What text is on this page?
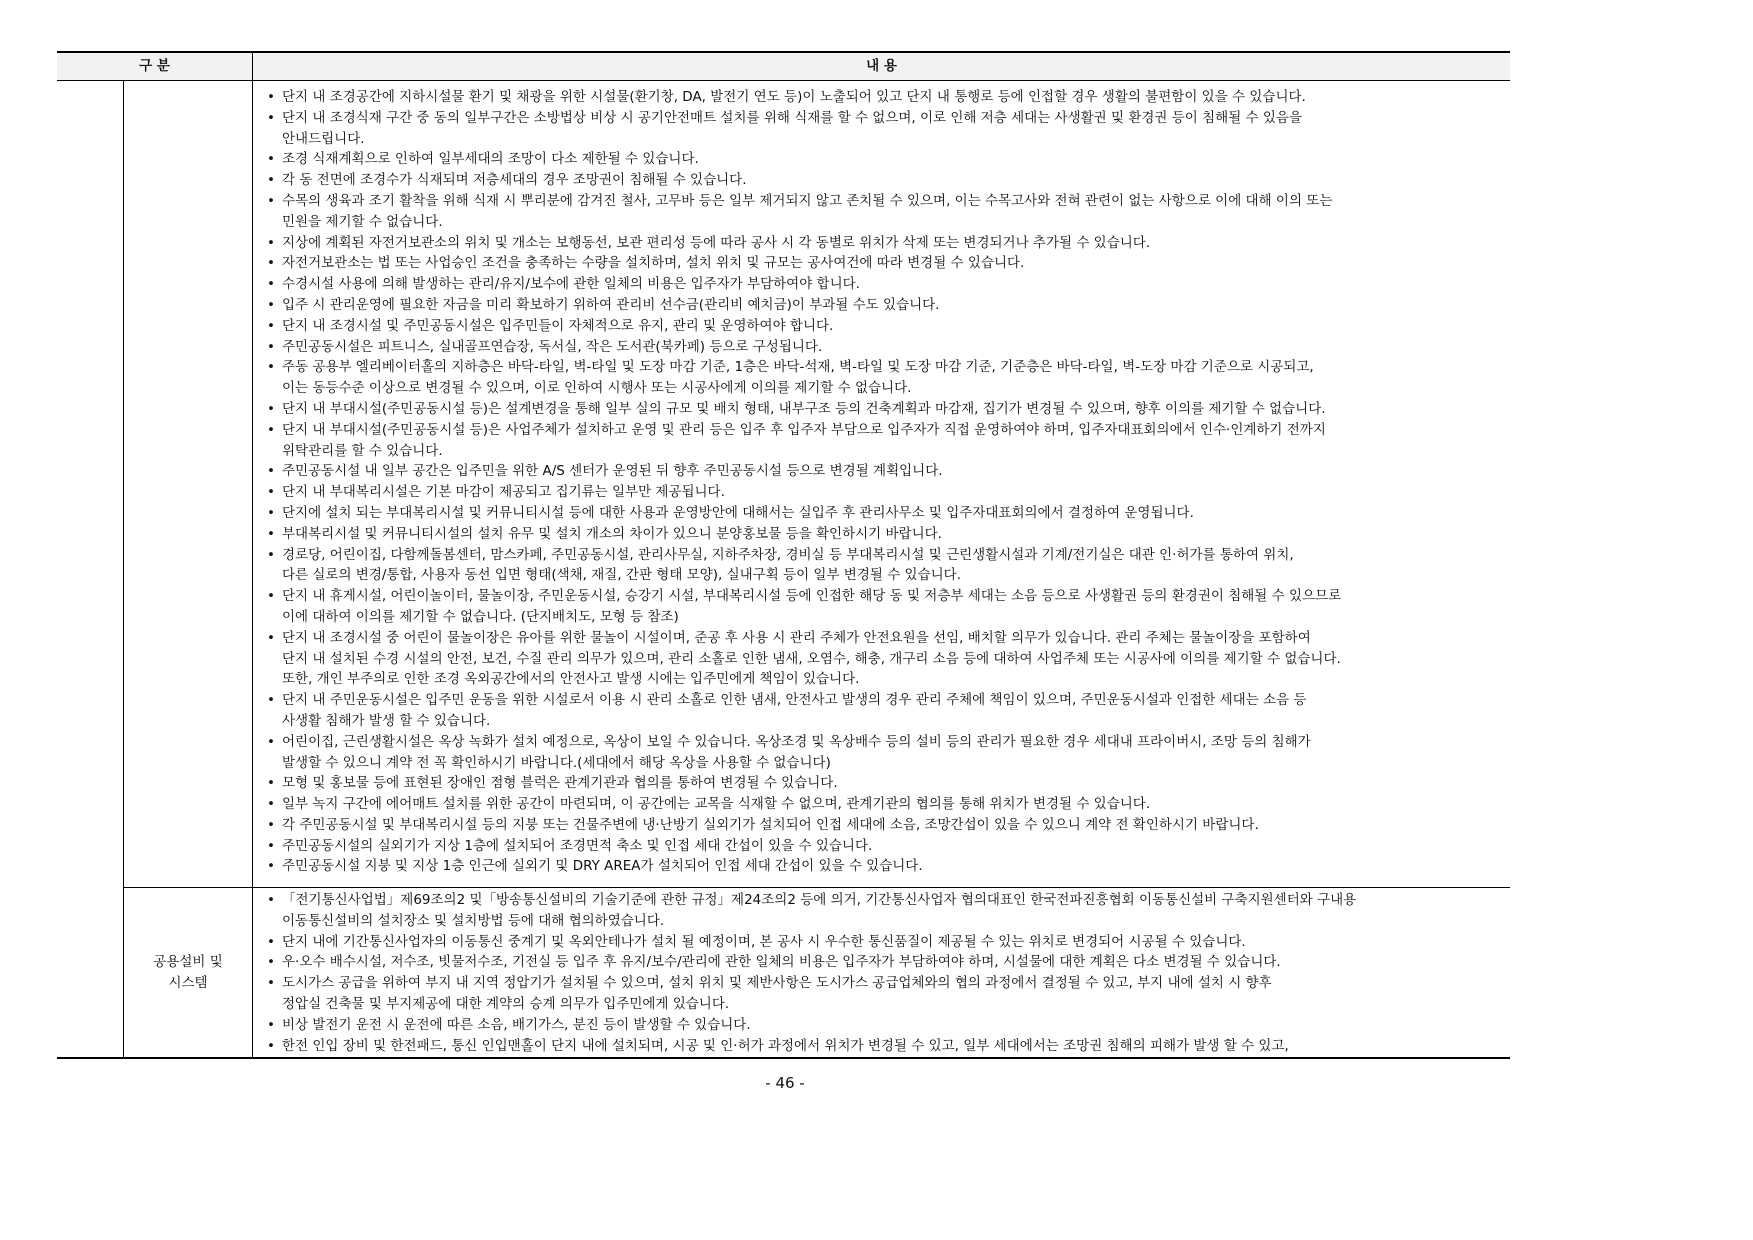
구 분	내 용
• 단지 내 조경공간에 지하시설물 환기 및 채광을 위한 시설물(환기창, DA, 발전기 연도 등)이 노출되어 있고 단지 내 통행로 등에 인접할 경우 생활의 불편함이 있을 수 있습니다.
• 단지 내 조경식재 구간 중 동의 일부구간은 소방법상 비상 시 공기안전매트 설치를 위해 식재를 할 수 없으며, 이로 인해 저층 세대는 사생활권 및 환경권 등이 침해될 수 있음을
안내드립니다.
• 조경 식재계획으로 인하여 일부세대의 조망이 다소 제한될 수 있습니다.
• 각 동 전면에 조경수가 식재되며 저층세대의 경우 조망권이 침해될 수 있습니다.
• 수목의 생육과 조기 활착을 위해 식재 시 뿌리분에 감겨진 철사, 고무바 등은 일부 제거되지 않고 존치될 수 있으며, 이는 수목고사와 전혀 관련이 없는 사항으로 이에 대해 이의 또는
민원을 제기할 수 없습니다.
• 지상에 계획된 자전거보관소의 위치 및 개소는 보행동선, 보관 편리성 등에 따라 공사 시 각 동별로 위치가 삭제 또는 변경되거나 추가될 수 있습니다.
• 자전거보관소는 법 또는 사업승인 조건을 충족하는 수량을 설치하며, 설치 위치 및 규모는 공사여건에 따라 변경될 수 있습니다.
• 수경시설 사용에 의해 발생하는 관리/유지/보수에 관한 일체의 비용은 입주자가 부담하여야 합니다.
• 입주 시 관리운영에 필요한 자금을 미리 확보하기 위하여 관리비 선수금(관리비 예치금)이 부과될 수도 있습니다.
• 단지 내 조경시설 및 주민공동시설은 입주민들이 자체적으로 유지, 관리 및 운영하여야 합니다.
• 주민공동시설은 피트니스, 실내골프연습장, 독서실, 작은 도서관(북카페) 등으로 구성됩니다.
• 주동 공용부 엘리베이터홀의 지하층은 바닥-타일, 벽-타일 및 도장 마감 기준, 1층은 바닥-석재, 벽-타일 및 도장 마감 기준, 기준층은 바닥-타일, 벽-도장 마감 기준으로 시공되고,
이는 동등수준 이상으로 변경될 수 있으며, 이로 인하여 시행사 또는 시공사에게 이의를 제기할 수 없습니다.
• 단지 내 부대시설(주민공동시설 등)은 설계변경을 통해 일부 실의 규모 및 배치 형태, 내부구조 등의 건축계획과 마감재, 집기가 변경될 수 있으며, 향후 이의를 제기할 수 없습니다.
• 단지 내 부대시설(주민공동시설 등)은 사업주체가 설치하고 운영 및 관리 등은 입주 후 입주자 부담으로 입주자가 직접 운영하여야 하며, 입주자대표회의에서 인수·인계하기 전까지
위탁관리를 할 수 있습니다.
• 주민공동시설 내 일부 공간은 입주민을 위한 A/S 센터가 운영된 뒤 향후 주민공동시설 등으로 변경될 계획입니다.
• 단지 내 부대복리시설은 기본 마감이 제공되고 집기류는 일부만 제공됩니다.
• 단지에 설치 되는 부대복리시설 및 커뮤니티시설 등에 대한 사용과 운영방안에 대해서는 실입주 후 관리사무소 및 입주자대표회의에서 결정하여 운영됩니다.
• 부대복리시설 및 커뮤니티시설의 설치 유무 및 설치 개소의 차이가 있으니 분양홍보물 등을 확인하시기 바랍니다.
• 경로당, 어린이집, 다함께돌봄센터, 맘스카페, 주민공동시설, 관리사무실, 지하주차장, 경비실 등 부대복리시설 및 근린생활시설과 기계/전기실은 대관 인·허가를 통하여 위치,
다른 실로의 변경/통합, 사용자 동선 입면 형태(색채, 재질, 간판 형태 모양), 실내구획 등이 일부 변경될 수 있습니다.
• 단지 내 휴게시설, 어린이놀이터, 물놀이장, 주민운동시설, 승강기 시설, 부대복리시설 등에 인접한 해당 동 및 저층부 세대는 소음 등으로 사생활권 등의 환경권이 침해될 수 있으므로
이에 대하여 이의를 제기할 수 없습니다. (단지배치도, 모형 등 참조)
• 단지 내 조경시설 중 어린이 물놀이장은 유아를 위한 물놀이 시설이며, 준공 후 사용 시 관리 주체가 안전요원을 선임, 배치할 의무가 있습니다. 관리 주체는 물놀이장을 포함하여
단지 내 설치된 수경 시설의 안전, 보건, 수질 관리 의무가 있으며, 관리 소홀로 인한 냄새, 오염수, 해충, 개구리 소음 등에 대하여 사업주체 또는 시공사에 이의를 제기할 수 없습니다.
또한, 개인 부주의로 인한 조경 옥외공간에서의 안전사고 발생 시에는 입주민에게 책임이 있습니다.
• 단지 내 주민운동시설은 입주민 운동을 위한 시설로서 이용 시 관리 소홀로 인한 냄새, 안전사고 발생의 경우 관리 주체에 책임이 있으며, 주민운동시설과 인접한 세대는 소음 등
사생활 침해가 발생 할 수 있습니다.
• 어린이집, 근린생활시설은 옥상 녹화가 설치 예정으로, 옥상이 보일 수 있습니다. 옥상조경 및 옥상배수 등의 설비 등의 관리가 필요한 경우 세대내 프라이버시, 조망 등의 침해가
발생할 수 있으니 계약 전 꼭 확인하시기 바랍니다.(세대에서 해당 옥상을 사용할 수 없습니다)
• 모형 및 홍보물 등에 표현된 장애인 점형 블럭은 관계기관과 협의를 통하여 변경될 수 있습니다.
• 일부 녹지 구간에 에어매트 설치를 위한 공간이 마련되며, 이 공간에는 교목을 식재할 수 없으며, 관계기관의 협의를 통해 위치가 변경될 수 있습니다.
• 각 주민공동시설 및 부대복리시설 등의 지붕 또는 건물주변에 냉·난방기 실외기가 설치되어 인접 세대에 소음, 조망간섭이 있을 수 있으니 계약 전 확인하시기 바랍니다.
• 주민공동시설의 실외기가 지상 1층에 설치되어 조경면적 축소 및 인접 세대 간섭이 있을 수 있습니다.
• 주민공동시설 지붕 및 지상 1층 인근에 실외기 및 DRY AREA가 설치되어 인접 세대 간섭이 있을 수 있습니다.
공용설비 및
시스템
• 「전기통신사업법」제69조의2 및「방송통신설비의 기술기준에 관한 규정」제24조의2 등에 의거, 기간통신사업자 협의대표인 한국전파진흥협회 이동통신설비 구축지원센터와 구내용
이동통신설비의 설치장소 및 설치방법 등에 대해 협의하였습니다.
• 단지 내에 기간통신사업자의 이동통신 중계기 및 옥외안테나가 설치 될 예정이며, 본 공사 시 우수한 통신품질이 제공될 수 있는 위치로 변경되어 시공될 수 있습니다.
• 우·오수 배수시설, 저수조, 빗물저수조, 기전실 등 입주 후 유지/보수/관리에 관한 일체의 비용은 입주자가 부담하여야 하며, 시설물에 대한 계획은 다소 변경될 수 있습니다.
• 도시가스 공급을 위하여 부지 내 지역 정압기가 설치될 수 있으며, 설치 위치 및 제반사항은 도시가스 공급업체와의 협의 과정에서 결정될 수 있고, 부지 내에 설치 시 향후
정압실 건축물 및 부지제공에 대한 계약의 승계 의무가 입주민에게 있습니다.
• 비상 발전기 운전 시 운전에 따른 소음, 배기가스, 분진 등이 발생할 수 있습니다.
• 한전 인입 장비 및 한전패드, 통신 인입맨홀이 단지 내에 설치되며, 시공 및 인·허가 과정에서 위치가 변경될 수 있고, 일부 세대에서는 조망권 침해의 피해가 발생 할 수 있고,
- 46 -
